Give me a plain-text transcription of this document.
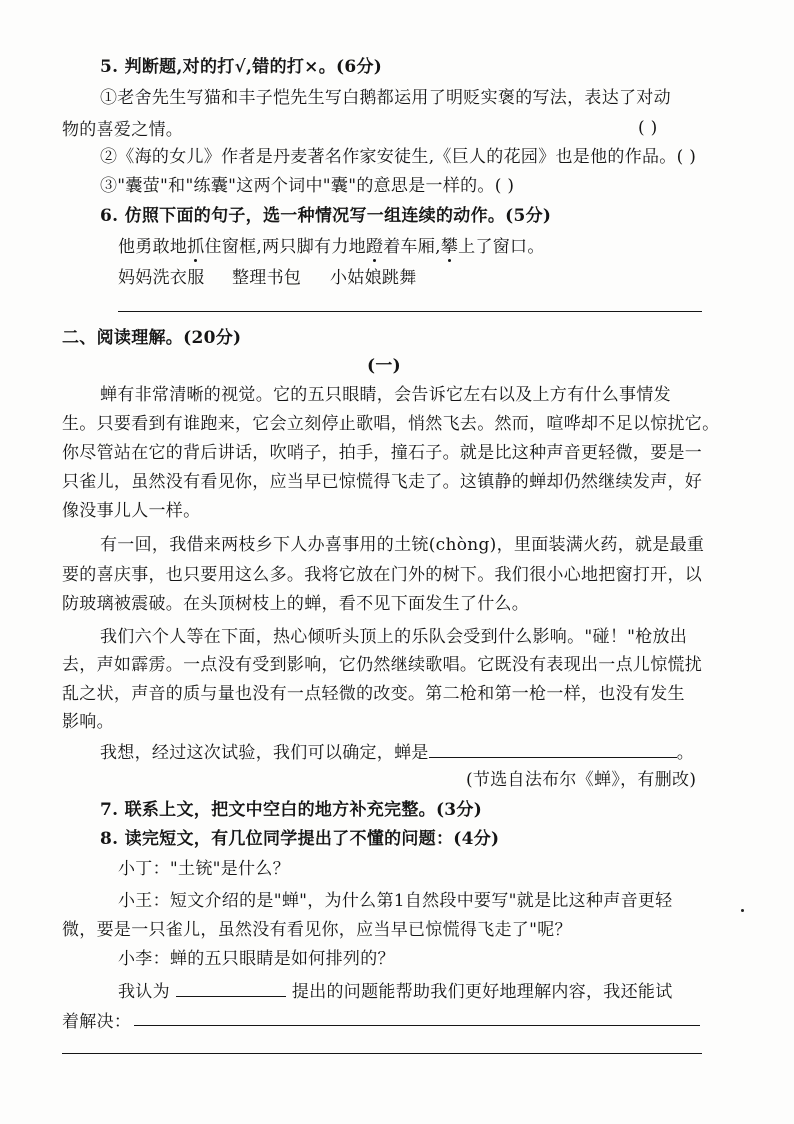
5. 判断题,对的打√,错的打×。(6分)
①老舍先生写猫和丰子恺先生写白鹅都运用了明贬实褒的写法，表达了对动
物的喜爱之情。	( )
②《海的女儿》作者是丹麦著名作家安徒生,《巨人的花园》也是他的作品。( )
③"囊萤"和"练囊"这两个词中"囊"的意思是一样的。( )
6. 仿照下面的句子，选一种情况写一组连续的动作。(5分)
他勇敢地抓住窗框,两只脚有力地蹬着车厢,攀上了窗口。
妈妈洗衣服 整理书包 小姑娘跳舞
二、阅读理解。(20分)
(一)
蝉有非常清晰的视觉。它的五只眼睛，会告诉它左右以及上方有什么事情发
生。只要看到有谁跑来，它会立刻停止歌唱，悄然飞去。然而，喧哗却不足以惊扰它。
你尽管站在它的背后讲话，吹哨子，拍手，撞石子。就是比这种声音更轻微，要是一
只雀儿，虽然没有看见你，应当早已惊慌得飞走了。这镇静的蝉却仍然继续发声，好
像没事儿人一样。
有一回，我借来两枝乡下人办喜事用的土铳(chòng)，里面装满火药，就是最重
要的喜庆事，也只要用这么多。我将它放在门外的树下。我们很小心地把窗打开，以
防玻璃被震破。在头顶树枝上的蝉，看不见下面发生了什么。
我们六个人等在下面，热心倾听头顶上的乐队会受到什么影响。"碰！"枪放出
去，声如霹雳。一点没有受到影响，它仍然继续歌唱。它既没有表现出一点儿惊慌扰
乱之状，声音的质与量也没有一点轻微的改变。第二枪和第一枪一样，也没有发生
影响。
我想，经过这次试验，我们可以确定，蝉是	。
(节选自法布尔《蝉》，有删改)
7. 联系上文，把文中空白的地方补充完整。(3分)
8. 读完短文，有几位同学提出了不懂的问题：(4分)
小丁："土铳"是什么？
小王：短文介绍的是"蝉"，为什么第1自然段中要写"就是比这种声音更轻
微，要是一只雀儿，虽然没有看见你，应当早已惊慌得飞走了"呢？
小李：蝉的五只眼睛是如何排列的？
我认为	提出的问题能帮助我们更好地理解内容，我还能试
着解决：
